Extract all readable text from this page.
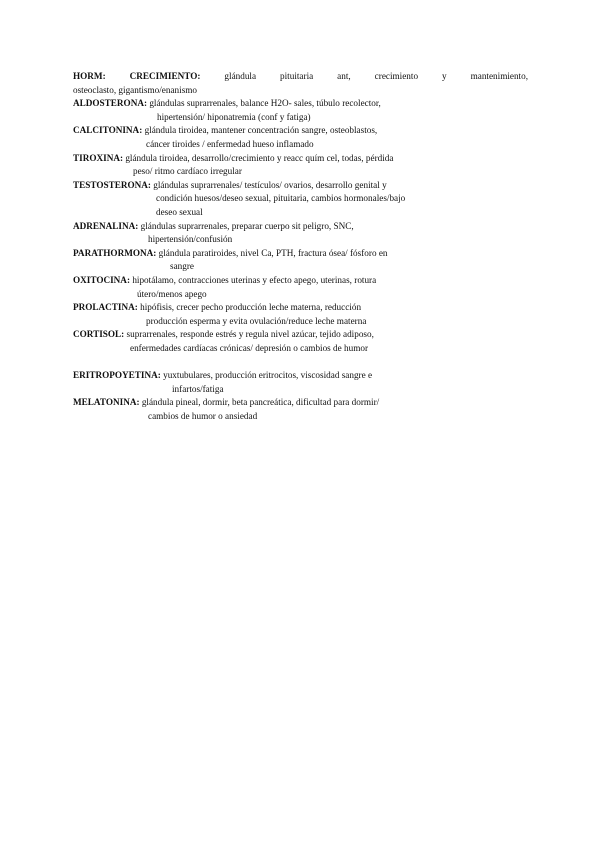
HORM: CRECIMIENTO: glándula pituitaria ant, crecimiento y mantenimiento,
osteoclasto, gigantismo/enanismo
ALDOSTERONA: glándulas suprarrenales, balance H2O- sales, túbulo recolector,
hipertensión/ hiponatremia (conf y fatiga)
CALCITONINA: glándula tiroidea, mantener concentración sangre, osteoblastos,
cáncer tiroides / enfermedad hueso inflamado
TIROXINA: glándula tiroidea, desarrollo/crecimiento y reacc quím cel, todas, pérdida
peso/ ritmo cardíaco irregular
TESTOSTERONA: glándulas suprarrenales/ testículos/ ovarios, desarrollo genital y
condición huesos/deseo sexual, pituitaria, cambios hormonales/bajo
deseo sexual
ADRENALINA: glándulas suprarrenales, preparar cuerpo sit peligro, SNC,
hipertensión/confusión
PARATHORMONA: glándula paratiroides, nivel Ca, PTH, fractura ósea/ fósforo en
sangre
OXITOCINA: hipotálamo, contracciones uterinas y efecto apego, uterinas, rotura
útero/menos apego
PROLACTINA: hipófisis, crecer pecho producción leche materna, reducción
producción esperma y evita ovulación/reduce leche materna
CORTISOL: suprarrenales, responde estrés y regula nivel azúcar, tejido adiposo,
enfermedades cardíacas crónicas/ depresión o cambios de humor
ERITROPOYETINA: yuxtubulares, producción eritrocitos, viscosidad sangre e
infartos/fatiga
MELATONINA: glándula pineal, dormir, beta pancreática, dificultad para dormir/
cambios de humor o ansiedad
